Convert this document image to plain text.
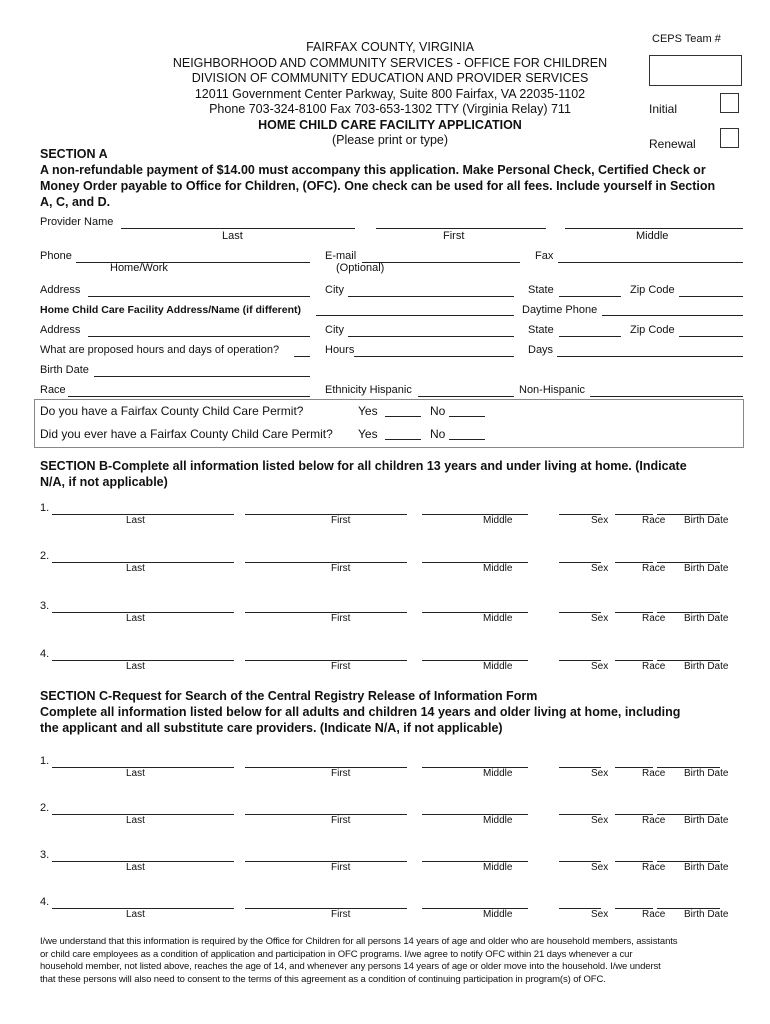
CEPS Team #
Initial
Renewal
FAIRFAX COUNTY, VIRGINIA
NEIGHBORHOOD AND COMMUNITY SERVICES - OFFICE FOR CHILDREN
DIVISION OF COMMUNITY EDUCATION AND PROVIDER SERVICES
12011 Government Center Parkway, Suite 800 Fairfax, VA 22035-1102
Phone 703-324-8100 Fax 703-653-1302 TTY (Virginia Relay) 711
HOME CHILD CARE FACILITY APPLICATION
(Please print or type)
SECTION A
A non-refundable payment of $14.00 must accompany this application. Make Personal Check, Certified Check or
Money Order payable to Office for Children, (OFC). One check can be used for all fees. Include yourself in Section
A, C, and D.
Provider Name
Last	First	Middle
Phone
Home/Work
E-mail
(Optional)
Fax
Address	City	State	Zip Code
Home Child Care Facility Address/Name (if different)	Daytime Phone
Address	City	State	Zip Code
What are proposed hours and days of operation?	Hours	Days
Birth Date
Race	Ethnicity Hispanic	Non-Hispanic
Do you have a Fairfax County Child Care Permit?	Yes	No
Did you ever have a Fairfax County Child Care Permit? Yes	No
SECTION B-Complete all information listed below for all children 13 years and under living at home. (Indicate
N/A, if not applicable)
1.
Last	First	Middle	Sex	Race Birth Date
2.
Last	First	Middle	Sex	Race Birth Date
3.
Last	First	Middle	Sex	Race Birth Date
4.
Last	First	Middle	Sex	Race Birth Date
SECTION C-Request for Search of the Central Registry Release of Information Form
Complete all information listed below for all adults and children 14 years and older living at home, including
the applicant and all substitute care providers. (Indicate N/A, if not applicable)
1.
Last	First	Middle	Sex	Race Birth Date
2.
Last	First	Middle	Sex	Race Birth Date
3.
Last	First	Middle	Sex	Race Birth Date
4.
Last	First	Middle	Sex	Race Birth Date
I/we understand that this information is required by the Office for Children for all persons 14 years of age and older who are household members, assistants
or child care employees as a condition of application and participation in OFC programs. I/we agree to notify OFC within 21 days whenever a cur
household member, not listed above, reaches the age of 14, and whenever any persons 14 years of age or older move into the household. I/we underst
that these persons will also need to consent to the terms of this agreement as a condition of continuing participation in program(s) of OFC.
